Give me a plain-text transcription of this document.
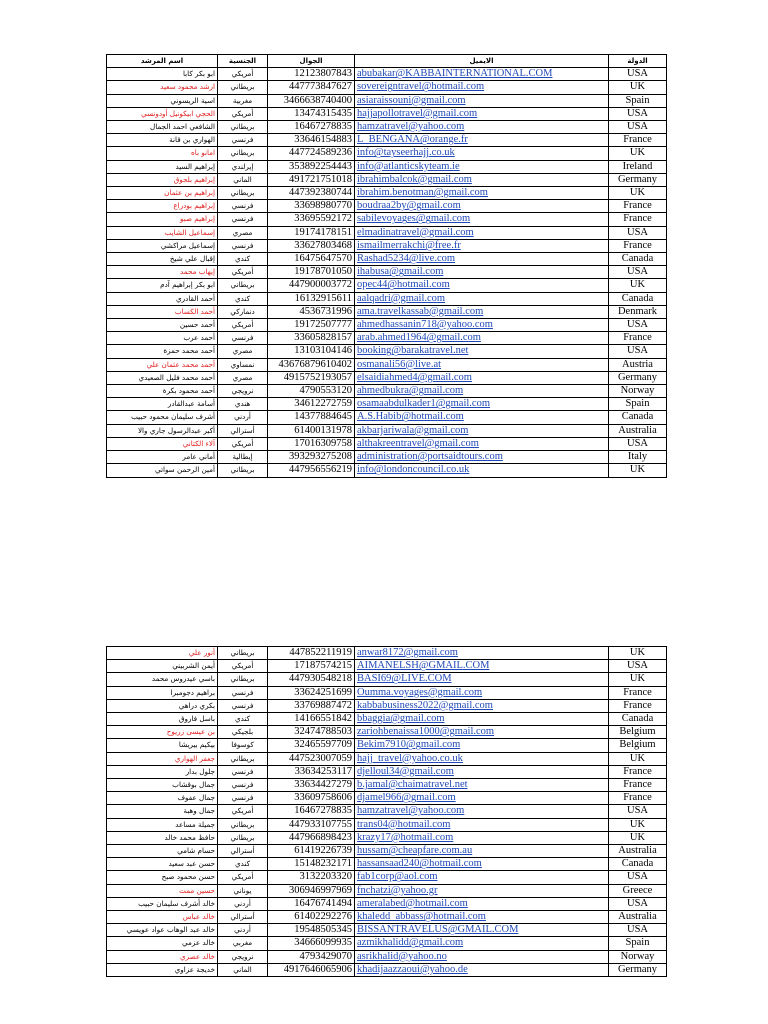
اسم المرشد	الجنسية	الجوال	الايميل	الدولة
ابو بكر كابا	أمريكي	12123807843	abubakar@KABBAINTERNATIONAL.COM	USA
ارشد محمود سعيد	بريطاني	447773847627	sovereigntravel@hotmail.com	UK
اسية الريسوني	مغربية	3466638740400	asiaraissouni@gmail.com	Spain
الحجي ابيكونيل أودونسي	أمريكي	13474315435	hajjapollotravel@gmail.com	USA
الشافعي احمد الجمال	بريطاني	16467278835	hamzatravel@yahoo.com	USA
الهواري بن قانة	فرنسي	33646154883	L_BENGANA@orange.fr	France
امانو باه	بريطاني	447724589236	info@tayseerhajj.co.uk	UK
إبراهيم السيد	إيرلندي	353892254443	info@atlanticskyteam.ie	Ireland
إبراهيم بلجوق	الماني	491721751018	ibrahimbalcok@gmail.com	Germany
إبراهيم بن عثمان	بريطاني	447392380744	ibrahim.benotman@gmail.com	UK
إبراهيم بودراع	فرنسي	33698980770	boudraa2by@gmail.com	France
إبراهيم صبو	فرنسي	33695592172	sabilevoyages@gmail.com	France
إسماعيل الشايب	مصري	19174178151	elmadinatravel@gmail.com	USA
إسماعيل مراكشي	فرنسي	33627803468	ismailmerrakchi@free.fr	France
إقبال علي شيخ	كندي	16475647570	Rashad5234@live.com	Canada
إيهاب محمد	أمريكي	19178701050	ihabusa@gmail.com	USA
ابو بكر إبراهيم آدم	بريطاني	447900003772	opec44@hotmail.com	UK
أحمد القادري	كندي	16132915611	aalqadri@gmail.com	Canada
أحمد الكساب	دنماركي	4536731996	ama.travelkassab@gmail.com	Denmark
أحمد حسين	أمريكي	19172507777	ahmedhassanin718@yahoo.com	USA
أحمد عرب	فرنسي	33605828157	arab.ahmed1964@gmail.com	France
أحمد محمد حمزة	مصري	13103104146	booking@barakatravel.net	USA
أحمد محمد عثمان علي	نمساوي	43676879610402	osmanali56@live.at	Austria
أحمد محمد فليل الصعيدي	مصري	4915752193057	elsaidiahmed4@gmail.com	Germany
أحمد محمود بكرة	نرويجي	4790553120	ahmedbukra@gmail.com	Norway
أسامة عبدالقادر	هندي	34612272759	osamaabdulkader1@gmail.com	Spain
أشرف سليمان محمود حبيب	أردني	14377884645	A.S.Habib@hotmail.com	Canada
أكبر عبدالرسول جاري والا	أسترالي	61400131978	akbarjariwala@gmail.com	Australia
آلاء الكتاني	أمريكي	17016309758	althakreentravel@gmail.com	USA
أماني عامر	إيطالية	393293275208	administration@portsaidtours.com	Italy
أمين الرحمن سواتي	بريطاني	447956556219	info@londoncouncil.co.uk	UK
أنور علي	بريطاني	447852211919	anwar8172@gmail.com	UK
أيمن الشربيني	أمريكي	17187574215	AIMANELSH@GMAIL.COM	USA
باسي عيدروس محمد	بريطاني	447930548218	BASI69@LIVE.COM	UK
براهيم دجومبرا	فرنسي	33624251699	Oumma.voyages@gmail.com	France
بكري دراهي	فرنسي	33769887472	kabbabusiness2022@gmail.com	France
باسل فاروق	كندي	14166551842	bbaggia@gmail.com	Canada
بن عيسى زريوح	بلجيكي	32474788503	zariohbenaissa1000@gmail.com	Belgium
بيكيم بيريشا	كوسوفا	32465597709	Bekim7910@gmail.com	Belgium
جعفر الهواري	بريطاني	447523007059	hajj_travel@yahoo.co.uk	UK
جلول بدار	فرنسي	33634253117	djelloul34@gmail.com	France
جمال بوقشاب	فرنسي	33634427279	b.jamal@chaimatravel.net	France
جمال عفوف	فرنسي	33609758606	djamel966@gmail.com	France
جمال وهبة	أمريكي	16467278835	hamzatravel@yahoo.com	USA
جميلة مساعد	بريطاني	447933107755	trans04@hotmail.com	UK
حافظ محمد خالد	بريطاني	447966898423	krazy17@hotmail.com	UK
حسام شامي	أسترالي	61419226739	hussam@cheapfare.com.au	Australia
حسن عبد سعيد	كندي	15148232171	hassansaad240@hotmail.com	Canada
حسن محمود صبح	أمريكي	3132203320	fab1corp@aol.com	USA
حسين ممت	يوناني	306946997969	fnchatzi@yahoo.gr	Greece
خالد أشرف سليمان حبيب	أردني	16476741494	ameralabed@hotmail.com	USA
خالد عباس	أسترالي	61402292276	khaledd_abbass@hotmail.com	Australia
خالد عبد الوهاب عواد عويسي	أردني	19548505345	BISSANTRAVELUS@GMAIL.COM	USA
خالد عزمي	مغربي	34666099935	azmikhalidd@gmail.com	Spain
خالد عصري	نرويجي	4793429070	asrikhalid@yahoo.no	Norway
خديجة عزاوي	الماني	4917646065906	khadijaazzaoui@yahoo.de	Germany
